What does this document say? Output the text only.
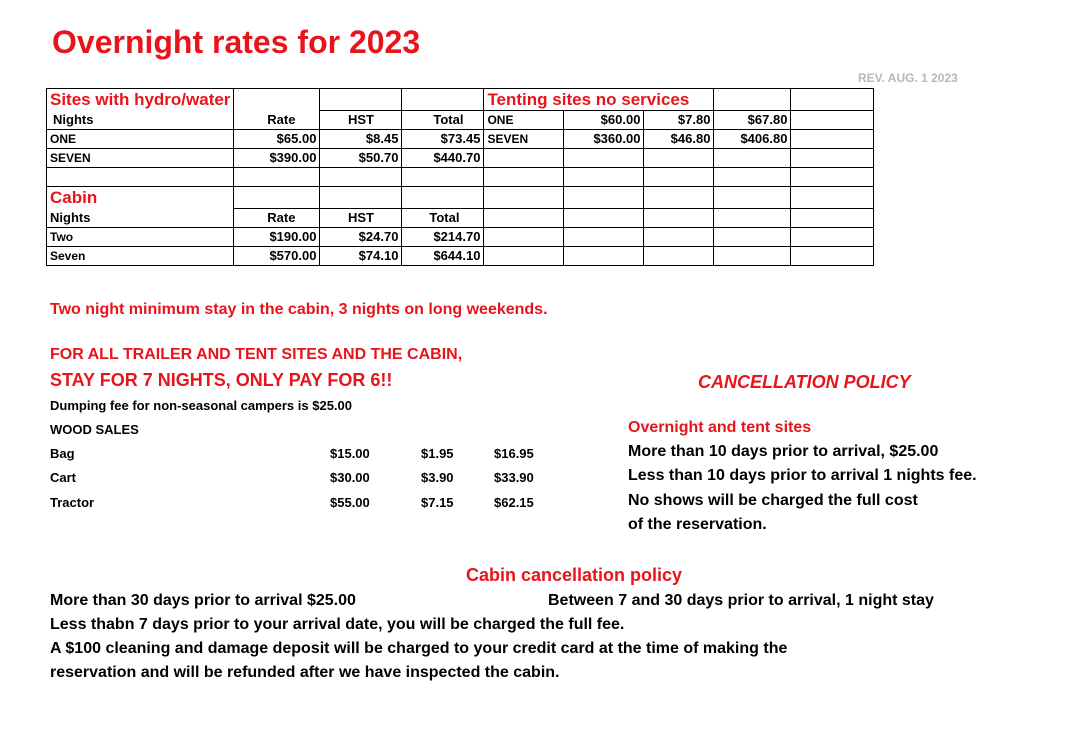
Overnight rates for 2023
REV. AUG. 1 2023
Sites with hydro/water				Tenting sites no services				
Nights	Rate	HST	Total	ONE	$60.00	$7.80	$67.80	
ONE	$65.00	$8.45	$73.45	SEVEN	$360.00	$46.80	$406.80	
SEVEN	$390.00	$50.70	$440.70					

Cabin								
Nights	Rate	HST	Total					
Two	$190.00	$24.70	$214.70					
Seven	$570.00	$74.10	$644.10					
Two night minimum stay in the cabin, 3 nights on long weekends.
FOR ALL TRAILER AND TENT SITES AND THE CABIN,
STAY FOR 7 NIGHTS, ONLY PAY FOR 6!!
Dumping fee for non-seasonal campers is $25.00
WOOD SALES
Bag	$15.00	$1.95	$16.95
Cart	$30.00	$3.90	$33.90
Tractor	$55.00	$7.15	$62.15
CANCELLATION POLICY
Overnight and tent sites
More than 10 days prior to arrival, $25.00
Less than 10 days prior to arrival 1 nights fee.
No shows will be charged the full cost
of the reservation.
Cabin cancellation policy
More than 30 days prior to arrival $25.00	Between 7 and 30 days prior to arrival, 1 night stay
Less thabn 7 days prior to your arrival date, you will be charged the full fee.
A $100 cleaning and damage deposit will be charged to your credit card at the time of making the
reservation and will be refunded after we have inspected the cabin.
